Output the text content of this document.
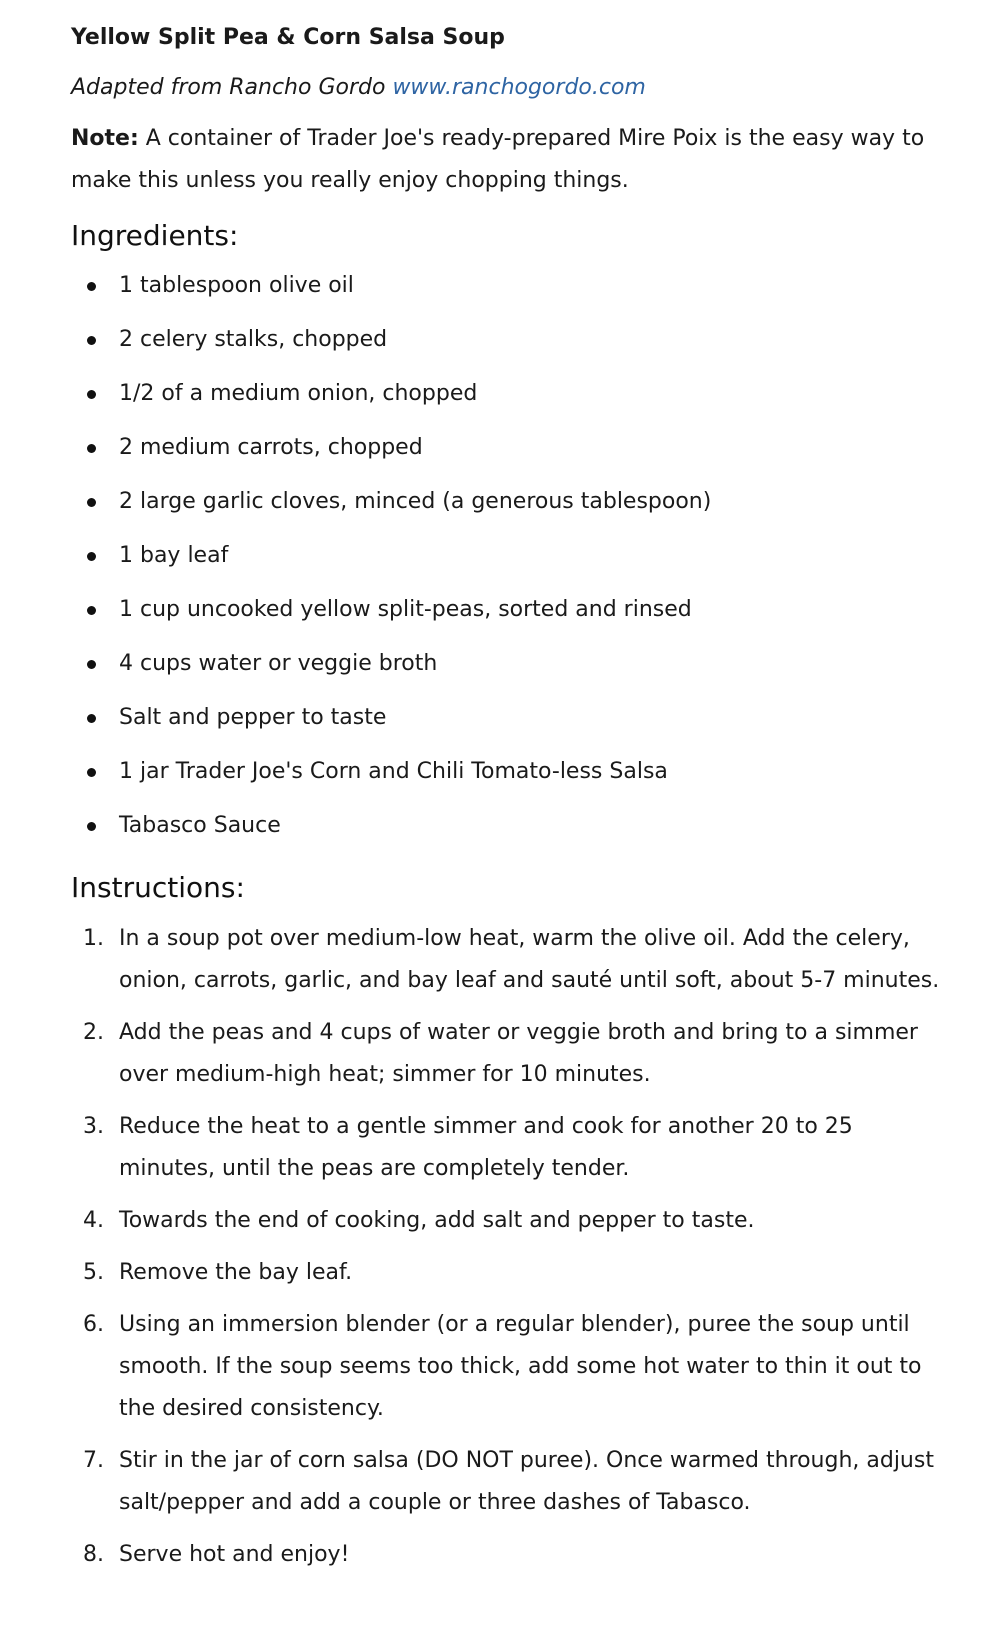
Yellow Split Pea & Corn Salsa Soup
Adapted from Rancho Gordo www.ranchogordo.com
Note: A container of Trader Joe's ready-prepared Mire Poix is the easy way to make this unless you really enjoy chopping things.
Ingredients:
1 tablespoon olive oil
2 celery stalks, chopped
1/2 of a medium onion, chopped
2 medium carrots, chopped
2 large garlic cloves, minced (a generous tablespoon)
1 bay leaf
1 cup uncooked yellow split-peas, sorted and rinsed
4 cups water or veggie broth
Salt and pepper to taste
1 jar Trader Joe's Corn and Chili Tomato-less Salsa
Tabasco Sauce
Instructions:
1. In a soup pot over medium-low heat, warm the olive oil. Add the celery, onion, carrots, garlic, and bay leaf and sauté until soft, about 5-7 minutes.
2. Add the peas and 4 cups of water or veggie broth and bring to a simmer over medium-high heat; simmer for 10 minutes.
3. Reduce the heat to a gentle simmer and cook for another 20 to 25 minutes, until the peas are completely tender.
4. Towards the end of cooking, add salt and pepper to taste.
5. Remove the bay leaf.
6. Using an immersion blender (or a regular blender), puree the soup until smooth. If the soup seems too thick, add some hot water to thin it out to the desired consistency.
7. Stir in the jar of corn salsa (DO NOT puree). Once warmed through, adjust salt/pepper and add a couple or three dashes of Tabasco.
8. Serve hot and enjoy!
